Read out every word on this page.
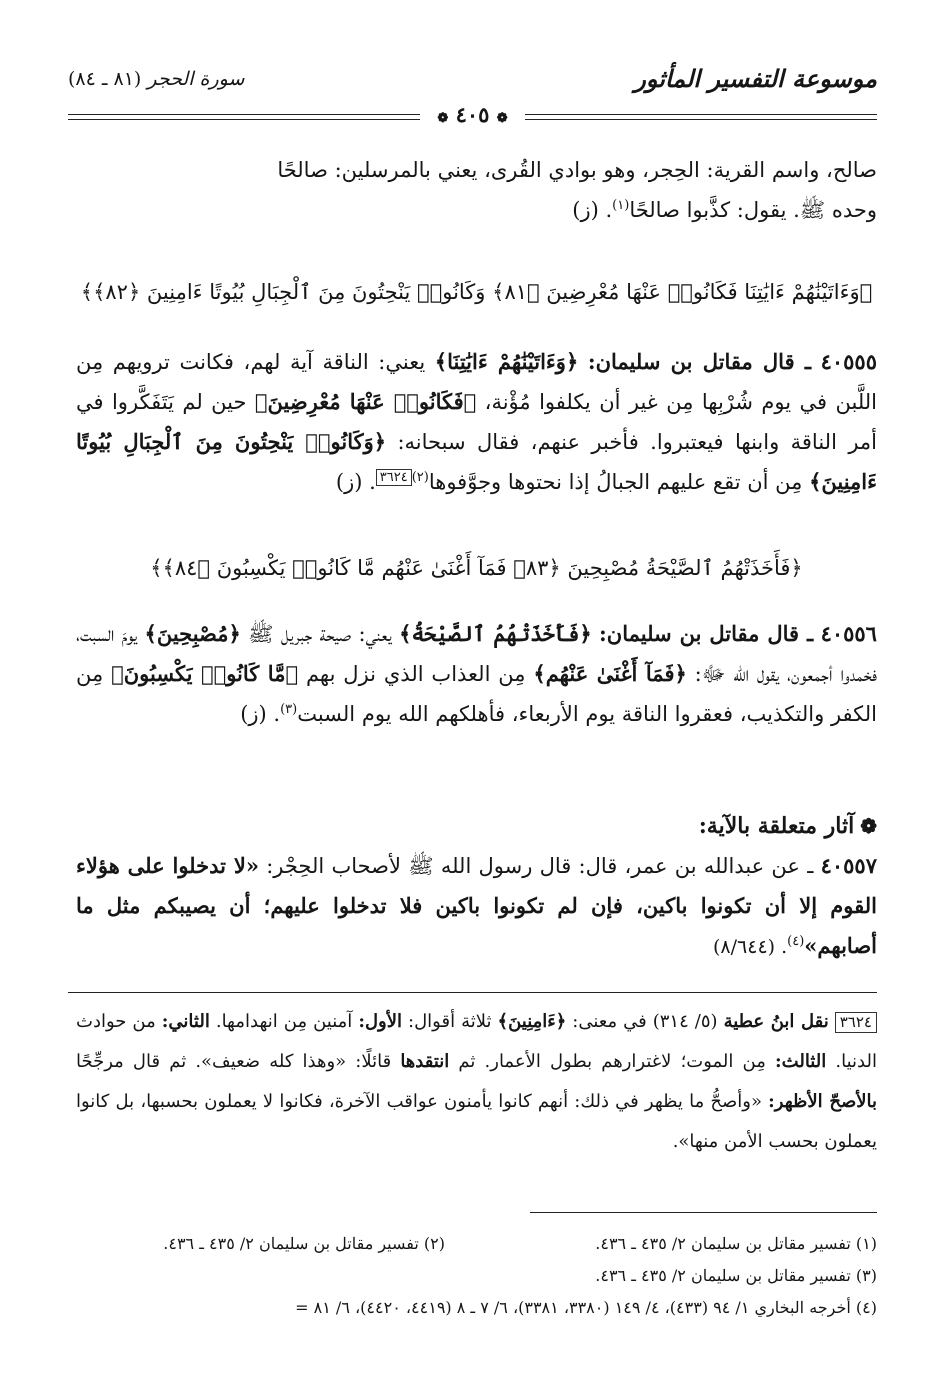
موسوعة التفسير المأثور
سورة الحجر (٨١ ـ ٨٤)
❁ ٤٠٥ ❁
صالح، واسم القرية: الحِجر، وهو بوادي القُرى، يعني بالمرسلين: صالحًا
وحده ﷺ. يقول: كذَّبوا صالحًا$^{(١)}$. (ز)
﴿وَءَاتَيْنَٰهُمْ ءَايَٰتِنَا فَكَانُوا۟ عَنْهَا مُعْرِضِينَ ﴿٨١﴾ وَكَانُوا۟ يَنْحِتُونَ مِنَ ٱلْجِبَالِ بُيُوتًا ءَامِنِينَ ﴿٨٢﴾﴾
٤٠٥٥٥ ـ قال مقاتل بن سليمان: ﴿وَءَاتَيْنَٰهُمْ ءَايَٰتِنَا﴾ يعني: الناقة آية لهم، فكانت ترويهم مِن اللَّبن في يوم شُرْبِها مِن غير أن يكلفوا مُؤْنة، ﴿فَكَانُوا۟ عَنْهَا مُعْرِضِينَ﴾ حين لم يَتَفَكَّروا في أمر الناقة وابنها فيعتبروا. فأخبر عنهم، فقال سبحانه: ﴿وَكَانُوا۟ يَنْحِتُونَ مِنَ ٱلْجِبَالِ بُيُوتًا ءَامِنِينَ﴾ مِن أن تقع عليهم الجبالُ إذا نحتوها وجوَّفوها$^{(٢)}$٣٦٢٤. (ز)
﴿فَأَخَذَتْهُمُ ٱلصَّيْحَةُ مُصْبِحِينَ ﴿٨٣﴾ فَمَآ أَغْنَىٰ عَنْهُم مَّا كَانُوا۟ يَكْسِبُونَ ﴿٨٤﴾﴾
٤٠٥٥٦ ـ قال مقاتل بن سليمان: ﴿فَأَخَذَتْهُمُ ٱلصَّيْحَةُ﴾ يعني: صيحة جبريل ﷺ ﴿مُصْبِحِينَ﴾ يومَ السبت، فخمدوا أجمعون، يقول الله ﷻ: ﴿فَمَآ أَغْنَىٰ عَنْهُم﴾ مِن العذاب الذي نزل بهم ﴿مَّا كَانُوا۟ يَكْسِبُونَ﴾ مِن الكفر والتكذيب، فعقروا الناقة يوم الأربعاء، فأهلكهم الله يوم السبت$^{(٣)}$. (ز)
❁آثار متعلقة بالآية:
٤٠٥٥٧ ـ عن عبدالله بن عمر، قال: قال رسول الله ﷺ لأصحاب الحِجْر: «لا تدخلوا على هؤلاء القوم إلا أن تكونوا باكين، فإن لم تكونوا باكين فلا تدخلوا عليهم؛ أن يصيبكم مثل ما أصابهم»$^{(٤)}$. (٨/٦٤٤)
٣٦٢٤ نقل ابنُ عطية (٥/ ٣١٤) في معنى: ﴿ءَامِنِينَ﴾ ثلاثة أقوال: الأول: آمنين مِن انهدامها. الثاني: من حوادث الدنيا. الثالث: مِن الموت؛ لاغترارهم بطول الأعمار. ثم انتقدها قائلًا: «وهذا كله ضعيف». ثم قال مرجِّحًا بالأصحّ الأظهر: «وأصحُّ ما يظهر في ذلك: أنهم كانوا يأمنون عواقب الآخرة، فكانوا لا يعملون بحسبها، بل كانوا يعملون بحسب الأمن منها».
(١) تفسير مقاتل بن سليمان ٢/ ٤٣٥ ـ ٤٣٦.
(٢) تفسير مقاتل بن سليمان ٢/ ٤٣٥ ـ ٤٣٦.
(٣) تفسير مقاتل بن سليمان ٢/ ٤٣٥ ـ ٤٣٦.
(٤) أخرجه البخاري ١/ ٩٤ (٤٣٣)، ٤/ ١٤٩ (٣٣٨٠، ٣٣٨١)، ٦/ ٧ ـ ٨ (٤٤١٩، ٤٤٢٠)، ٦/ ٨١ =
